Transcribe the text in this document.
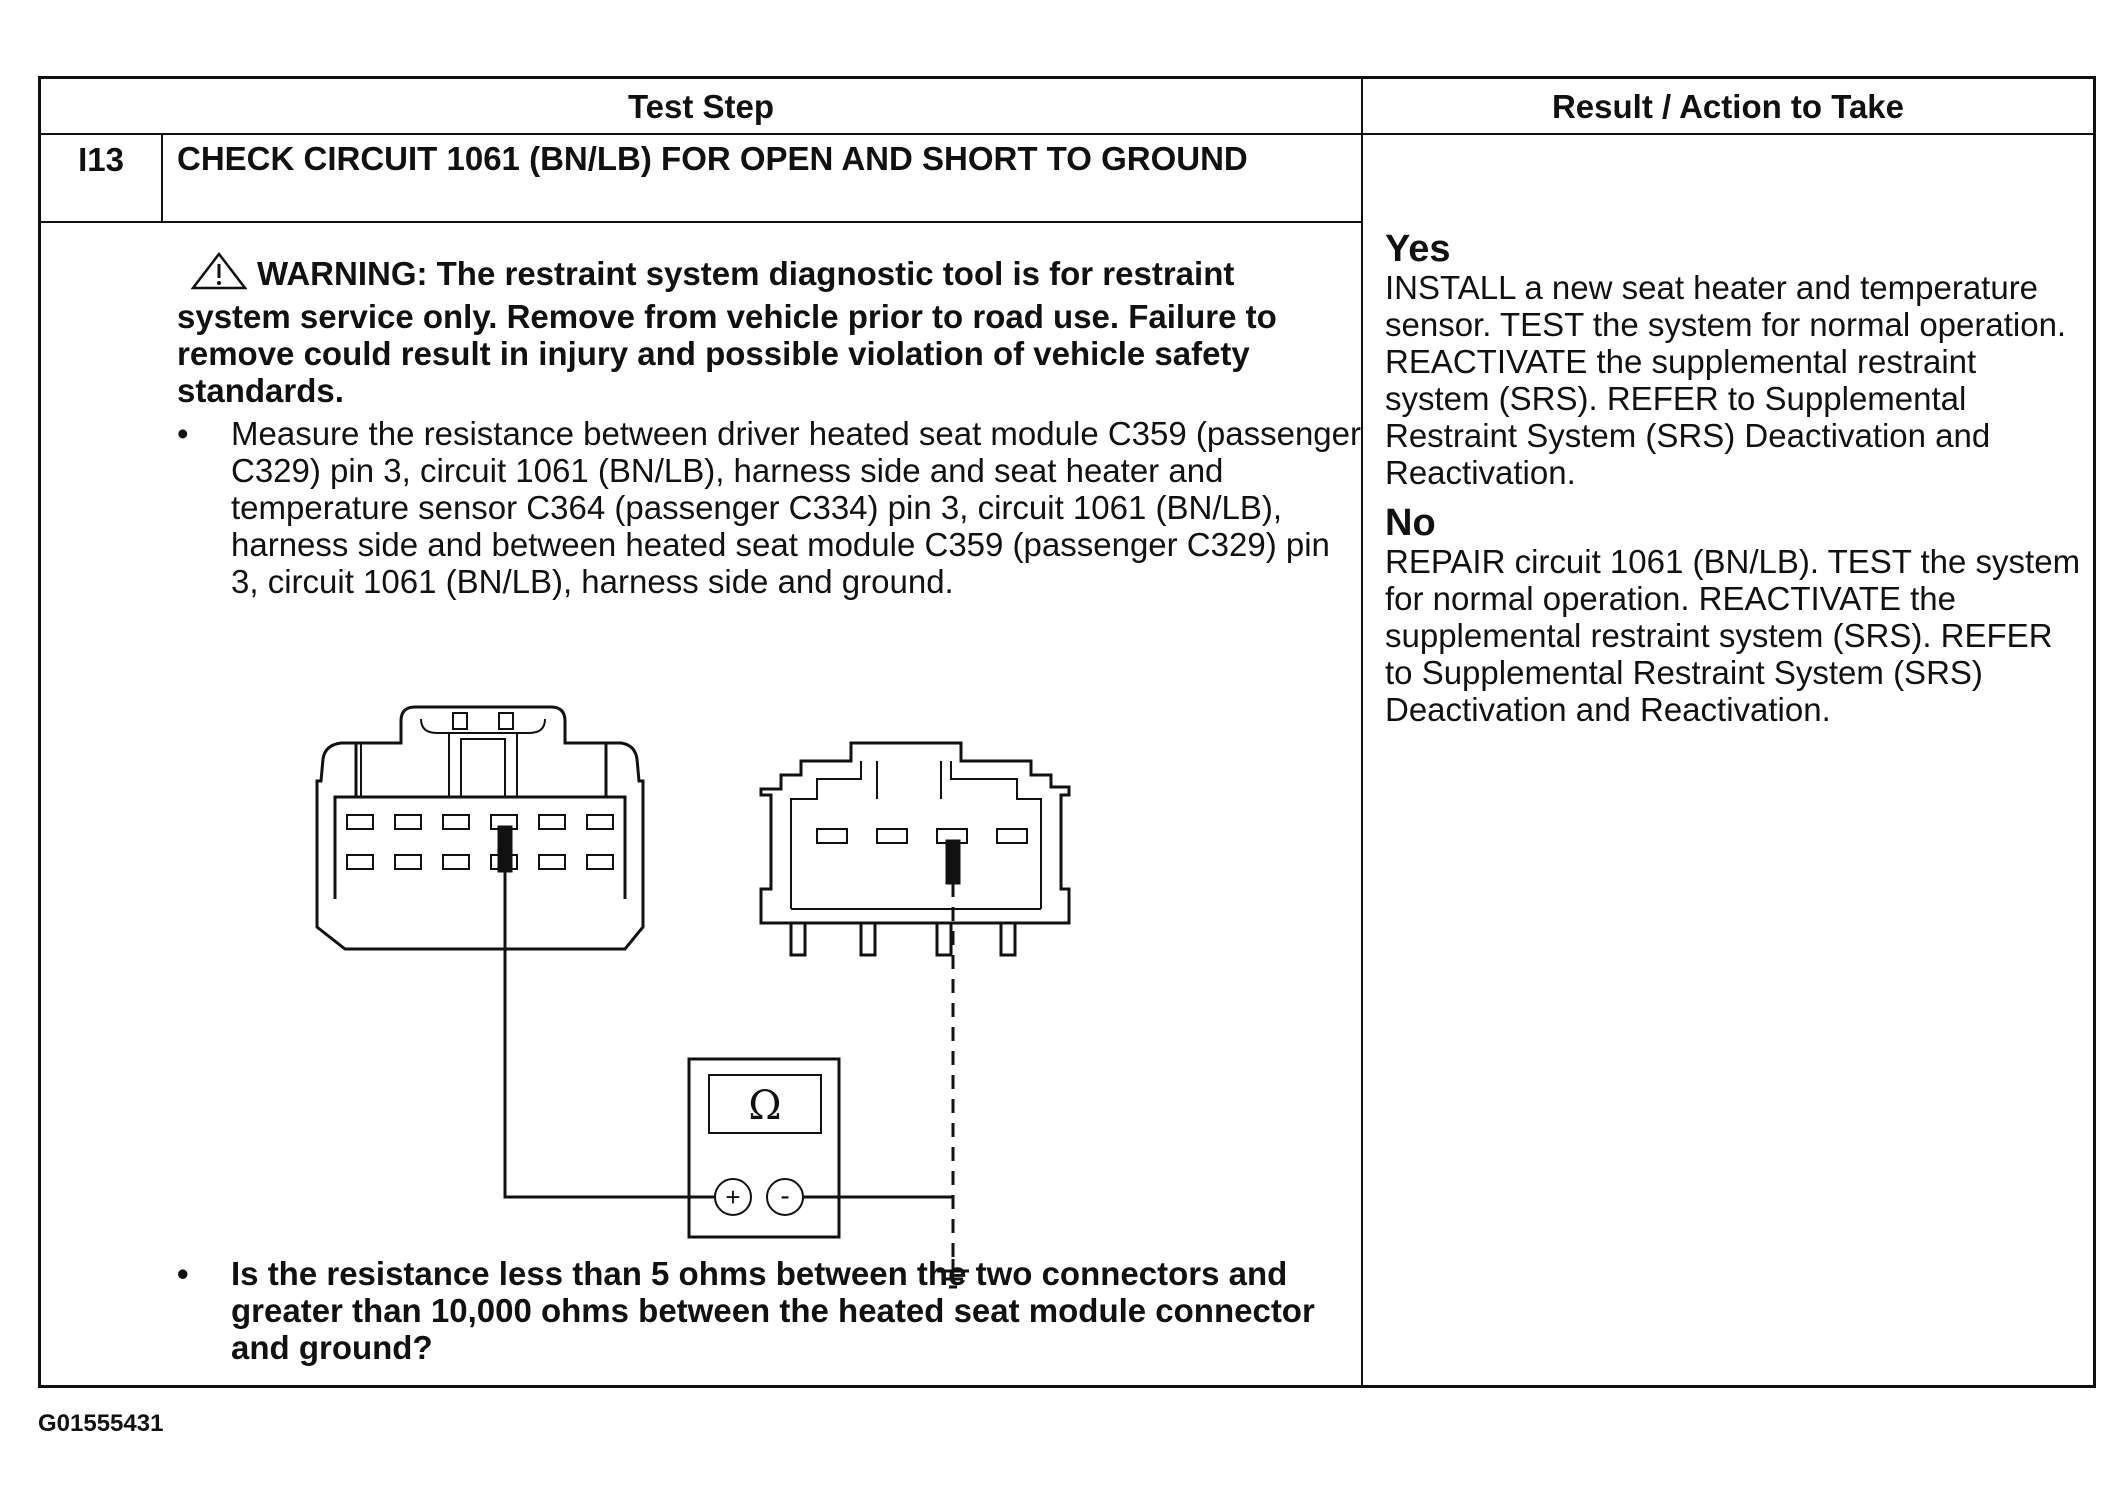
Test Step	Result / Action to Take
I13	CHECK CIRCUIT 1061 (BN/LB) FOR OPEN AND SHORT TO GROUND
WARNING: The restraint system diagnostic tool is for restraint system service only. Remove from vehicle prior to road use. Failure to remove could result in injury and possible violation of vehicle safety standards.
•	Measure the resistance between driver heated seat module C359 (passenger C329) pin 3, circuit 1061 (BN/LB), harness side and seat heater and temperature sensor C364 (passenger C334) pin 3, circuit 1061 (BN/LB), harness side and between heated seat module C359 (passenger C329) pin 3, circuit 1061 (BN/LB), harness side and ground.
Ω
+ -
•	Is the resistance less than 5 ohms between the two connectors and greater than 10,000 ohms between the heated seat module connector and ground?
Yes
INSTALL a new seat heater and temperature sensor. TEST the system for normal operation. REACTIVATE the supplemental restraint system (SRS). REFER to Supplemental Restraint System (SRS) Deactivation and Reactivation.
No
REPAIR circuit 1061 (BN/LB). TEST the system for normal operation. REACTIVATE the supplemental restraint system (SRS). REFER to Supplemental Restraint System (SRS) Deactivation and Reactivation.
G01555431
